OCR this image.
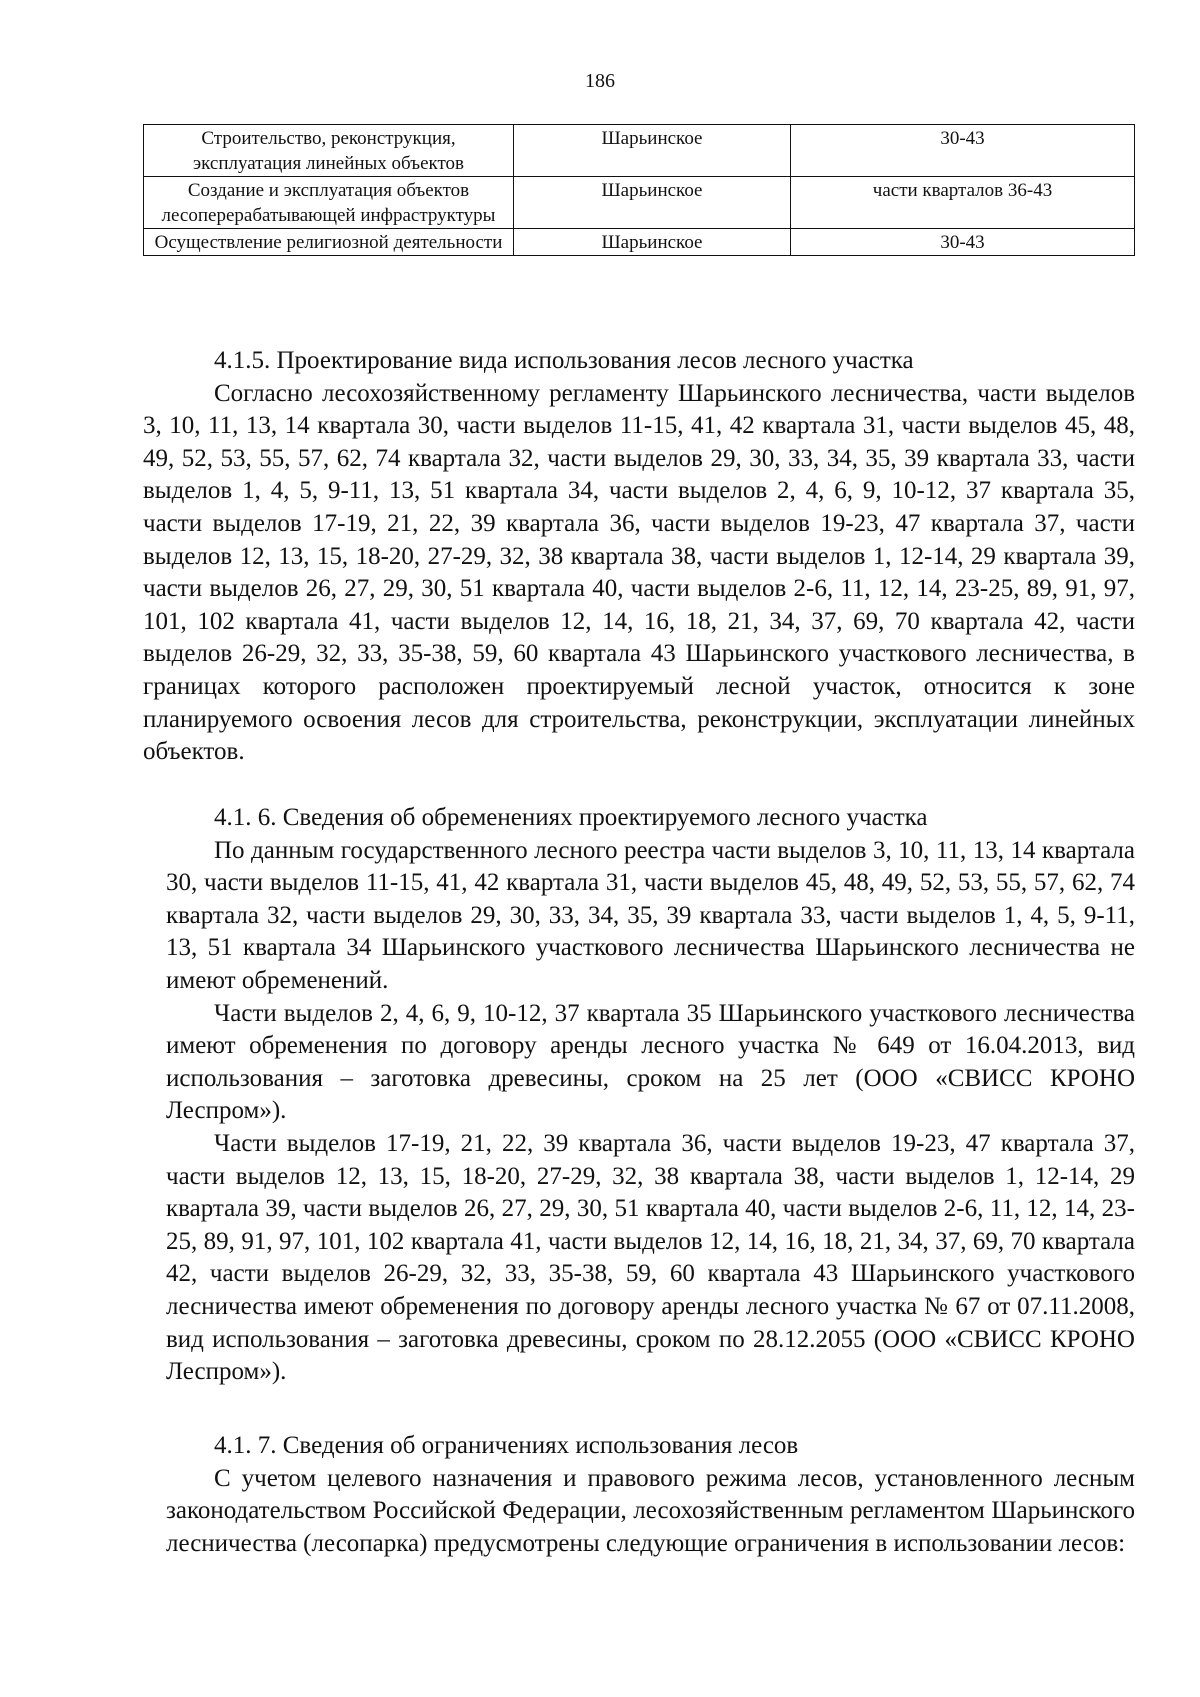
186
Строительство, реконструкция, эксплуатация линейных объектов	Шарьинское	30-43
Создание и эксплуатация объектов лесоперерабатывающей инфраструктуры	Шарьинское	части кварталов 36-43
Осуществление религиозной деятельности	Шарьинское	30-43

4.1.5. Проектирование вида использования лесов лесного участка

Согласно лесохозяйственному регламенту Шарьинского лесничества, части выделов 3, 10, 11, 13, 14 квартала 30, части выделов 11-15, 41, 42 квартала 31, части выделов 45, 48, 49, 52, 53, 55, 57, 62, 74 квартала 32, части выделов 29, 30, 33, 34, 35, 39 квартала 33, части выделов 1, 4, 5, 9-11, 13, 51 квартала 34, части выделов 2, 4, 6, 9, 10-12, 37 квартала 35, части выделов 17-19, 21, 22, 39 квартала 36, части выделов 19-23, 47 квартала 37, части выделов 12, 13, 15, 18-20, 27-29, 32, 38 квартала 38, части выделов 1, 12-14, 29 квартала 39, части выделов 26, 27, 29, 30, 51 квартала 40, части выделов 2-6, 11, 12, 14, 23-25, 89, 91, 97, 101, 102 квартала 41, части выделов 12, 14, 16, 18, 21, 34, 37, 69, 70 квартала 42, части выделов 26-29, 32, 33, 35-38, 59, 60 квартала 43 Шарьинского участкового лесничества, в границах которого расположен проектируемый лесной участок, относится к зоне планируемого освоения лесов для строительства, реконструкции, эксплуатации линейных объектов.

4.1. 6. Сведения об обременениях проектируемого лесного участка

По данным государственного лесного реестра части выделов 3, 10, 11, 13, 14 квартала 30, части выделов 11-15, 41, 42 квартала 31, части выделов 45, 48, 49, 52, 53, 55, 57, 62, 74 квартала 32, части выделов 29, 30, 33, 34, 35, 39 квартала 33, части выделов 1, 4, 5, 9-11, 13, 51 квартала 34 Шарьинского участкового лесничества Шарьинского лесничества не имеют обременений.

Части выделов 2, 4, 6, 9, 10-12, 37 квартала 35 Шарьинского участкового лесничества имеют обременения по договору аренды лесного участка № 649 от 16.04.2013, вид использования – заготовка древесины, сроком на 25 лет (ООО «СВИСС КРОНО Леспром»).

Части выделов 17-19, 21, 22, 39 квартала 36, части выделов 19-23, 47 квартала 37, части выделов 12, 13, 15, 18-20, 27-29, 32, 38 квартала 38, части выделов 1, 12-14, 29 квартала 39, части выделов 26, 27, 29, 30, 51 квартала 40, части выделов 2-6, 11, 12, 14, 23-25, 89, 91, 97, 101, 102 квартала 41, части выделов 12, 14, 16, 18, 21, 34, 37, 69, 70 квартала 42, части выделов 26-29, 32, 33, 35-38, 59, 60 квартала 43 Шарьинского участкового лесничества имеют обременения по договору аренды лесного участка № 67 от 07.11.2008, вид использования – заготовка древесины, сроком по 28.12.2055 (ООО «СВИСС КРОНО Леспром»).

4.1. 7. Сведения об ограничениях использования лесов

С учетом целевого назначения и правового режима лесов, установленного лесным законодательством Российской Федерации, лесохозяйственным регламентом Шарьинского лесничества (лесопарка) предусмотрены следующие ограничения в использовании лесов:
